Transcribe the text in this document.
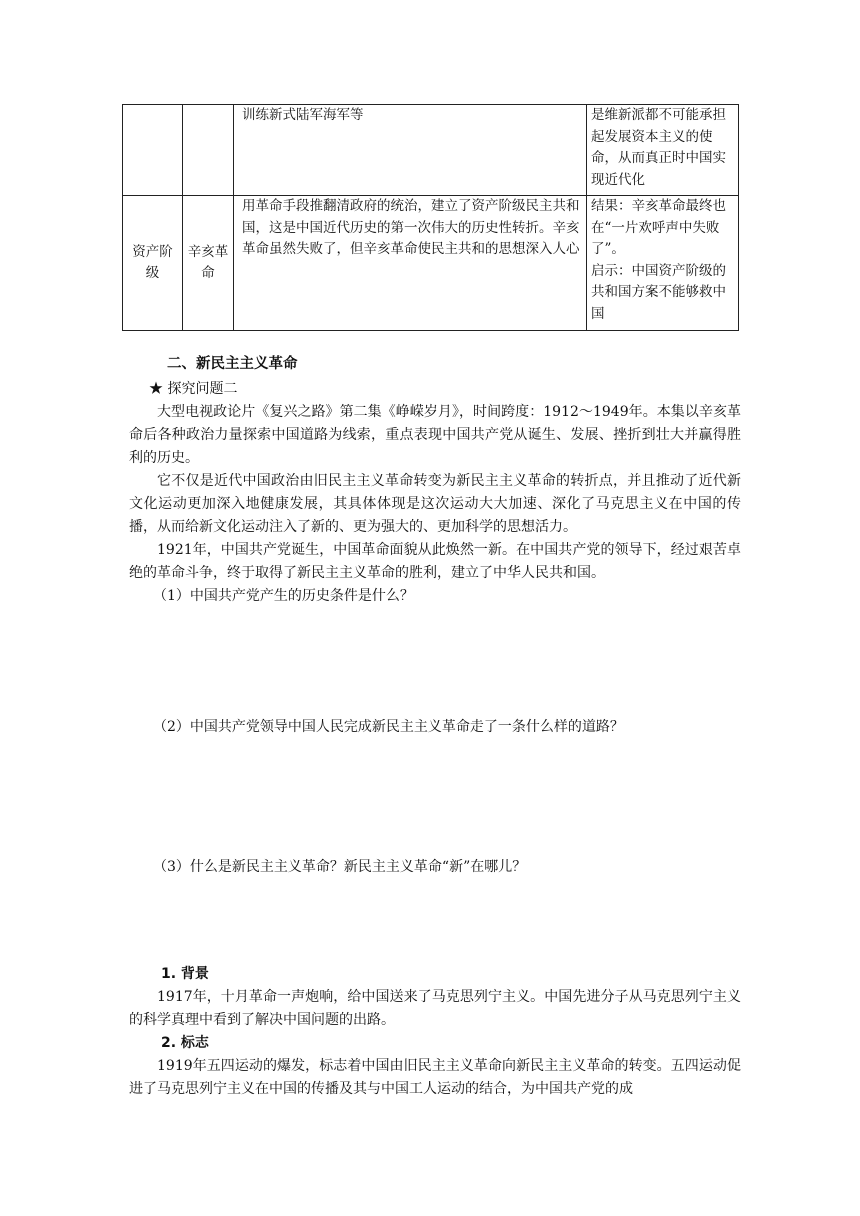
		训练新式陆军海军等	是维新派都不可能承担起发展资本主义的使命，从而真正时中国实现近代化
资产阶级	辛亥革命	用革命手段推翻清政府的统治，建立了资产阶级民主共和国，这是中国近代历史的第一次伟大的历史性转折。辛亥革命虽然失败了，但辛亥革命使民主共和的思想深入人心	结果：辛亥革命最终也在“一片欢呼声中失败了”。
启示：中国资产阶级的共和国方案不能够救中国
二、新民主主义革命

★ 探究问题二

大型电视政论片《复兴之路》第二集《峥嵘岁月》，时间跨度：1912～1949年。本集以辛亥革命后各种政治力量探索中国道路为线索，重点表现中国共产党从诞生、发展、挫折到壮大并赢得胜利的历史。

它不仅是近代中国政治由旧民主主义革命转变为新民主主义革命的转折点，并且推动了近代新文化运动更加深入地健康发展，其具体体现是这次运动大大加速、深化了马克思主义在中国的传播，从而给新文化运动注入了新的、更为强大的、更加科学的思想活力。

1921年，中国共产党诞生，中国革命面貌从此焕然一新。在中国共产党的领导下，经过艰苦卓绝的革命斗争，终于取得了新民主主义革命的胜利，建立了中华人民共和国。

（1）中国共产党产生的历史条件是什么？

（2）中国共产党领导中国人民完成新民主主义革命走了一条什么样的道路？

（3）什么是新民主主义革命？新民主主义革命“新”在哪儿？

1. 背景

1917年，十月革命一声炮响，给中国送来了马克思列宁主义。中国先进分子从马克思列宁主义的科学真理中看到了解决中国问题的出路。

2. 标志

1919年五四运动的爆发，标志着中国由旧民主主义革命向新民主主义革命的转变。五四运动促进了马克思列宁主义在中国的传播及其与中国工人运动的结合，为中国共产党的成
